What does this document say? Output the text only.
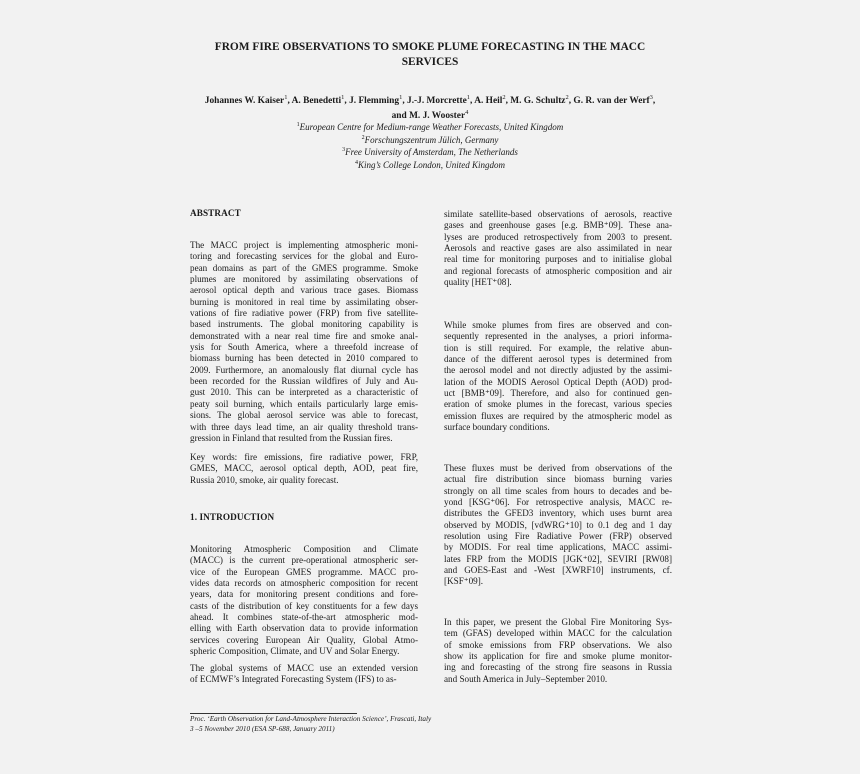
FROM FIRE OBSERVATIONS TO SMOKE PLUME FORECASTING IN THE MACC
SERVICES
Johannes W. Kaiser$^1$, A. Benedetti$^1$, J. Flemming$^1$, J.-J. Morcrette$^1$, A. Heil$^2$, M. G. Schultz$^2$, G. R. van der Werf$^3$,
and M. J. Wooster$^4$
$^1$European Centre for Medium-range Weather Forecasts, United Kingdom
$^2$Forschungszentrum Jülich, Germany
$^3$Free University of Amsterdam, The Netherlands
$^4$King’s College London, United Kingdom
ABSTRACT
The MACC project is implementing atmospheric moni-
toring and forecasting services for the global and Euro-
pean domains as part of the GMES programme. Smoke
plumes are monitored by assimilating observations of
aerosol optical depth and various trace gases. Biomass
burning is monitored in real time by assimilating obser-
vations of fire radiative power (FRP) from five satellite-
based instruments. The global monitoring capability is
demonstrated with a near real time fire and smoke anal-
ysis for South America, where a threefold increase of
biomass burning has been detected in 2010 compared to
2009. Furthermore, an anomalously flat diurnal cycle has
been recorded for the Russian wildfires of July and Au-
gust 2010. This can be interpreted as a characteristic of
peaty soil burning, which entails particularly large emis-
sions. The global aerosol service was able to forecast,
with three days lead time, an air quality threshold trans-
gression in Finland that resulted from the Russian fires.
Key words: fire emissions, fire radiative power, FRP,
GMES, MACC, aerosol optical depth, AOD, peat fire,
Russia 2010, smoke, air quality forecast.
1. INTRODUCTION
Monitoring Atmospheric Composition and Climate
(MACC) is the current pre-operational atmospheric ser-
vice of the European GMES programme. MACC pro-
vides data records on atmospheric composition for recent
years, data for monitoring present conditions and fore-
casts of the distribution of key constituents for a few days
ahead. It combines state-of-the-art atmospheric mod-
elling with Earth observation data to provide information
services covering European Air Quality, Global Atmo-
spheric Composition, Climate, and UV and Solar Energy.
The global systems of MACC use an extended version
of ECMWF’s Integrated Forecasting System (IFS) to as-
similate satellite-based observations of aerosols, reactive
gases and greenhouse gases [e.g. BMB⁺09]. These ana-
lyses are produced retrospectively from 2003 to present.
Aerosols and reactive gases are also assimilated in near
real time for monitoring purposes and to initialise global
and regional forecasts of atmospheric composition and air
quality [HET⁺08].
While smoke plumes from fires are observed and con-
sequently represented in the analyses, a priori informa-
tion is still required. For example, the relative abun-
dance of the different aerosol types is determined from
the aerosol model and not directly adjusted by the assimi-
lation of the MODIS Aerosol Optical Depth (AOD) prod-
uct [BMB⁺09]. Therefore, and also for continued gen-
eration of smoke plumes in the forecast, various species
emission fluxes are required by the atmospheric model as
surface boundary conditions.
These fluxes must be derived from observations of the
actual fire distribution since biomass burning varies
strongly on all time scales from hours to decades and be-
yond [KSG⁺06]. For retrospective analysis, MACC re-
distributes the GFED3 inventory, which uses burnt area
observed by MODIS, [vdWRG⁺10] to 0.1 deg and 1 day
resolution using Fire Radiative Power (FRP) observed
by MODIS. For real time applications, MACC assimi-
lates FRP from the MODIS [JGK⁺02], SEVIRI [RW08]
and GOES-East and -West [XWRF10] instruments, cf.
[KSF⁺09].
In this paper, we present the Global Fire Monitoring Sys-
tem (GFAS) developed within MACC for the calculation
of smoke emissions from FRP observations. We also
show its application for fire and smoke plume monitor-
ing and forecasting of the strong fire seasons in Russia
and South America in July–September 2010.
Proc. ‘Earth Observation for Land-Atmosphere Interaction Science’, Frascati, Italy
3 –5 November 2010 (ESA SP-688, January 2011)
